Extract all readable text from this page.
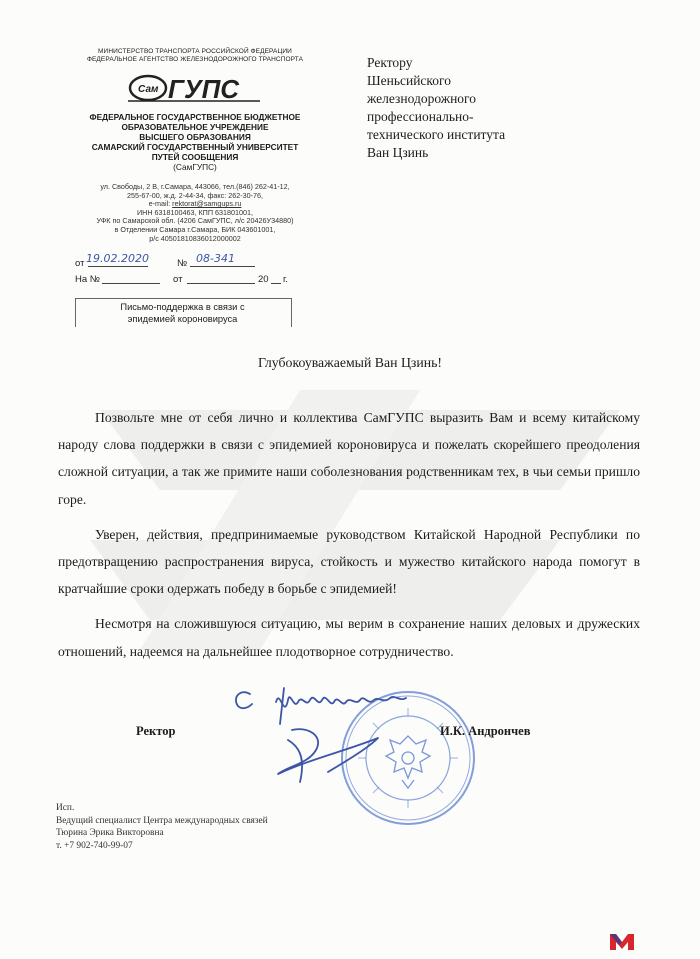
МИНИСТЕРСТВО ТРАНСПОРТА РОССИЙСКОЙ ФЕДЕРАЦИИ
ФЕДЕРАЛЬНОЕ АГЕНТСТВО ЖЕЛЕЗНОДОРОЖНОГО ТРАНСПОРТА
Сам ГУПС
ФЕДЕРАЛЬНОЕ ГОСУДАРСТВЕННОЕ БЮДЖЕТНОЕ
ОБРАЗОВАТЕЛЬНОЕ УЧРЕЖДЕНИЕ
ВЫСШЕГО ОБРАЗОВАНИЯ
САМАРСКИЙ ГОСУДАРСТВЕННЫЙ УНИВЕРСИТЕТ
ПУТЕЙ СООБЩЕНИЯ
(СамГУПС)
ул. Свободы, 2 В, г.Самара, 443066, тел.(846) 262-41-12,
255-67-00, ж.д. 2-44-34, факс: 262-30-76,
e-mail: rektorat@samgups.ru
ИНН 6318100463, КПП 631801001,
УФК по Самарской обл. (4206 СамГУПС, л/с 20426У34880)
в Отделении Самара г.Самара, БИК 043601001,
р/с 40501810836012000002
от 19.02.2020	№ 08-341
На №	от	20 г.
Письмо-поддержка в связи с
эпидемией короновируса
Ректору
Шеньсийского
железнодорожного
профессионально-
технического института
Ван Цзинь
Глубокоуважаемый Ван Цзинь!

Позвольте мне от себя лично и коллектива СамГУПС выразить Вам и всему китайскому народу слова поддержки в связи с эпидемией короновируса и пожелать скорейшего преодоления сложной ситуации, а так же примите наши соболезнования родственникам тех, в чьи семьи пришло горе.

Уверен, действия, предпринимаемые руководством Китайской Народной Республики по предотвращению распространения вируса, стойкость и мужество китайского народа помогут в кратчайшие сроки одержать победу в борьбе с эпидемией!

Несмотря на сложившуюся ситуацию, мы верим в сохранение наших деловых и дружеских отношений, надеемся на дальнейшее плодотворное сотрудничество.

Ректор	И.К. Андрончев
Исп.
Ведущий специалист Центра международных связей
Тюрина Эрика Викторовна
т. +7 902-740-99-07
